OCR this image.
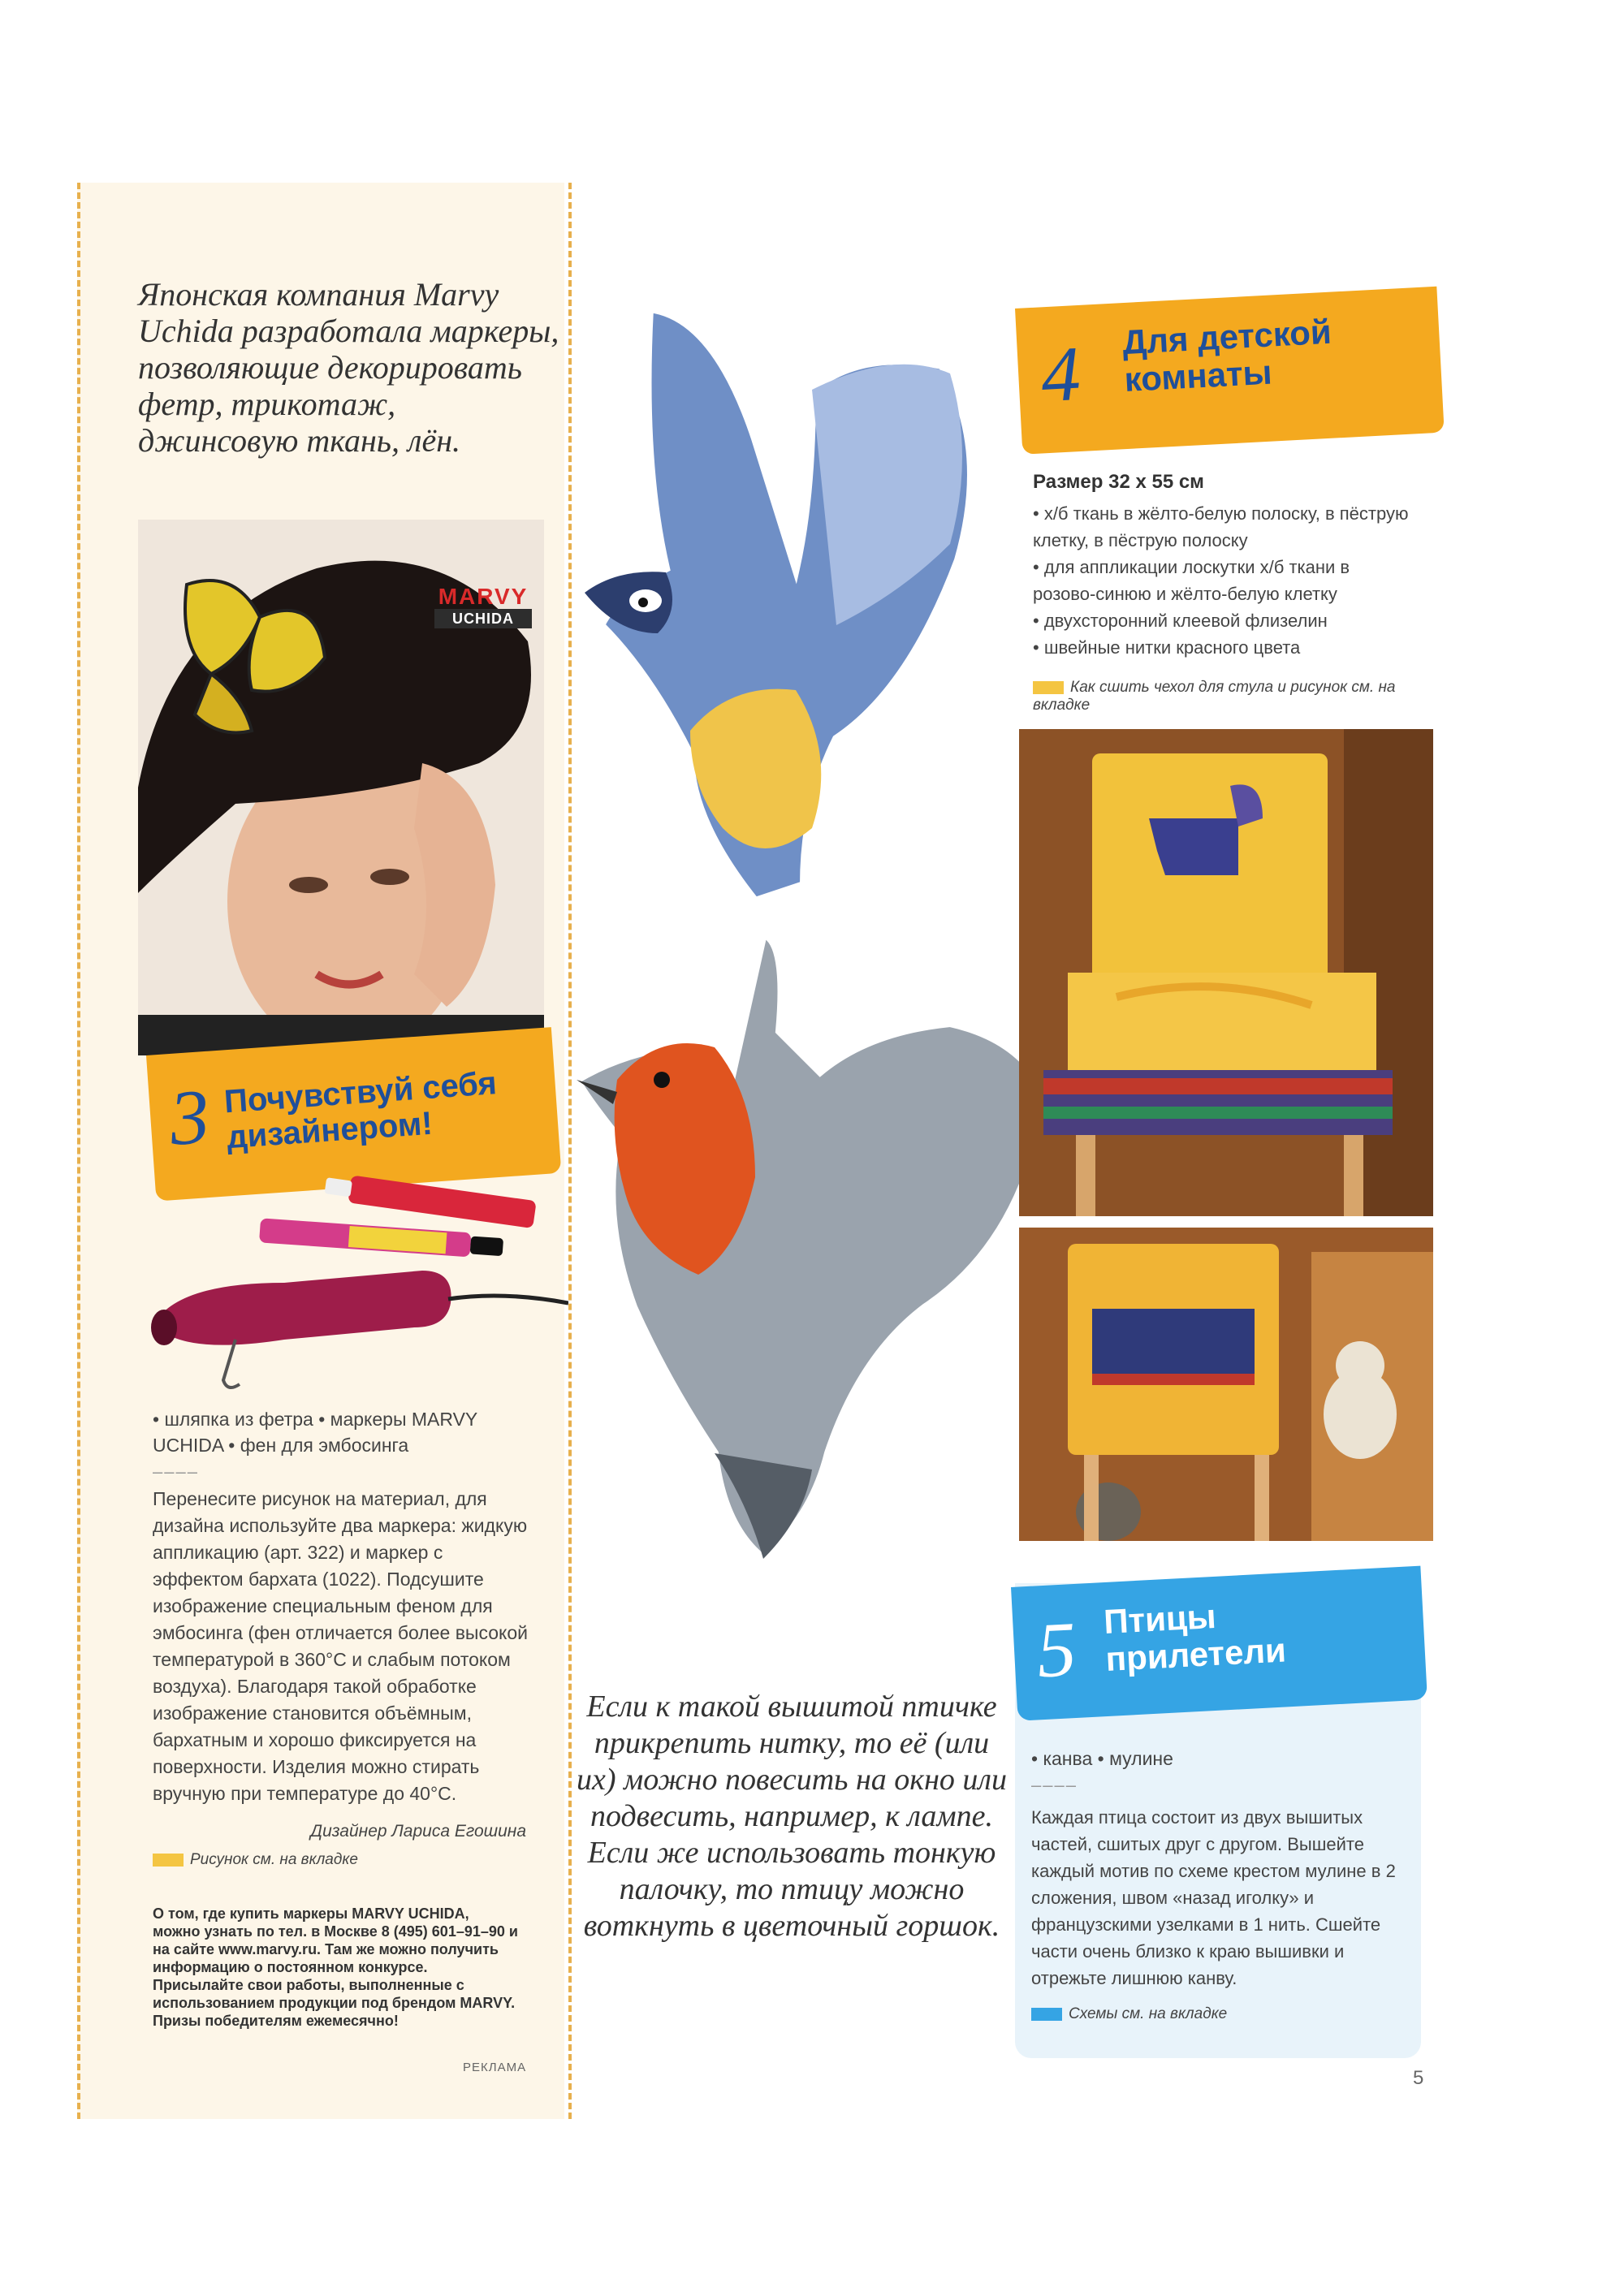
Японская компания Marvy Uchida разработала маркеры, позволяющие декорировать фетр, трикотаж, джинсовую ткань, лён.

MARVY
UCHIDA
3 Почувствуй себя дизайнером!

• шляпка из фетра • маркеры MARVY UCHIDA • фен для эмбосинга
––––

Перенесите рисунок на материал, для дизайна используйте два маркера: жидкую аппликацию (арт. 322) и маркер с эффектом бархата (1022). Подсушите изображение специальным феном для эмбосинга (фен отличается более высокой температурой в 360°С и слабым потоком воздуха). Благодаря такой обработке изображение становится объёмным, бархатным и хорошо фиксируется на поверхности. Изделия можно стирать вручную при температуре до 40°С.

Дизайнер Лариса Егошина
Рисунок см. на вкладке

О том, где купить маркеры MARVY UCHIDA, можно узнать по тел. в Москве 8 (495) 601–91–90 и на сайте www.marvy.ru. Там же можно получить информацию о постоянном конкурсе. Присылайте свои работы, выполненные с использованием продукции под брендом MARVY. Призы победителям ежемесячно!

РЕКЛАМА

Если к такой вышитой птичке прикрепить нитку, то её (или их) можно повесить на окно или подвесить, например, к лампе. Если же использовать тонкую палочку, то птицу можно воткнуть в цветочный горшок.

4 Для детской комнаты

Размер 32 х 55 см
• х/б ткань в жёлто-белую полоску, в пёструю клетку, в пёструю полоску
• для аппликации лоскутки х/б ткани в розово-синюю и жёлто-белую клетку
• двухсторонний клеевой флизелин
• швейные нитки красного цвета
Как сшить чехол для стула и рисунок см. на вкладке
5 Птицы прилетели

• канва • мулине
––––

Каждая птица состоит из двух вышитых частей, сшитых друг с другом. Вышейте каждый мотив по схеме крестом мулине в 2 сложения, швом «назад иголку» и французскими узелками в 1 нить. Сшейте части очень близко к краю вышивки и отрежьте лишнюю канву.

Схемы см. на вкладке
5
